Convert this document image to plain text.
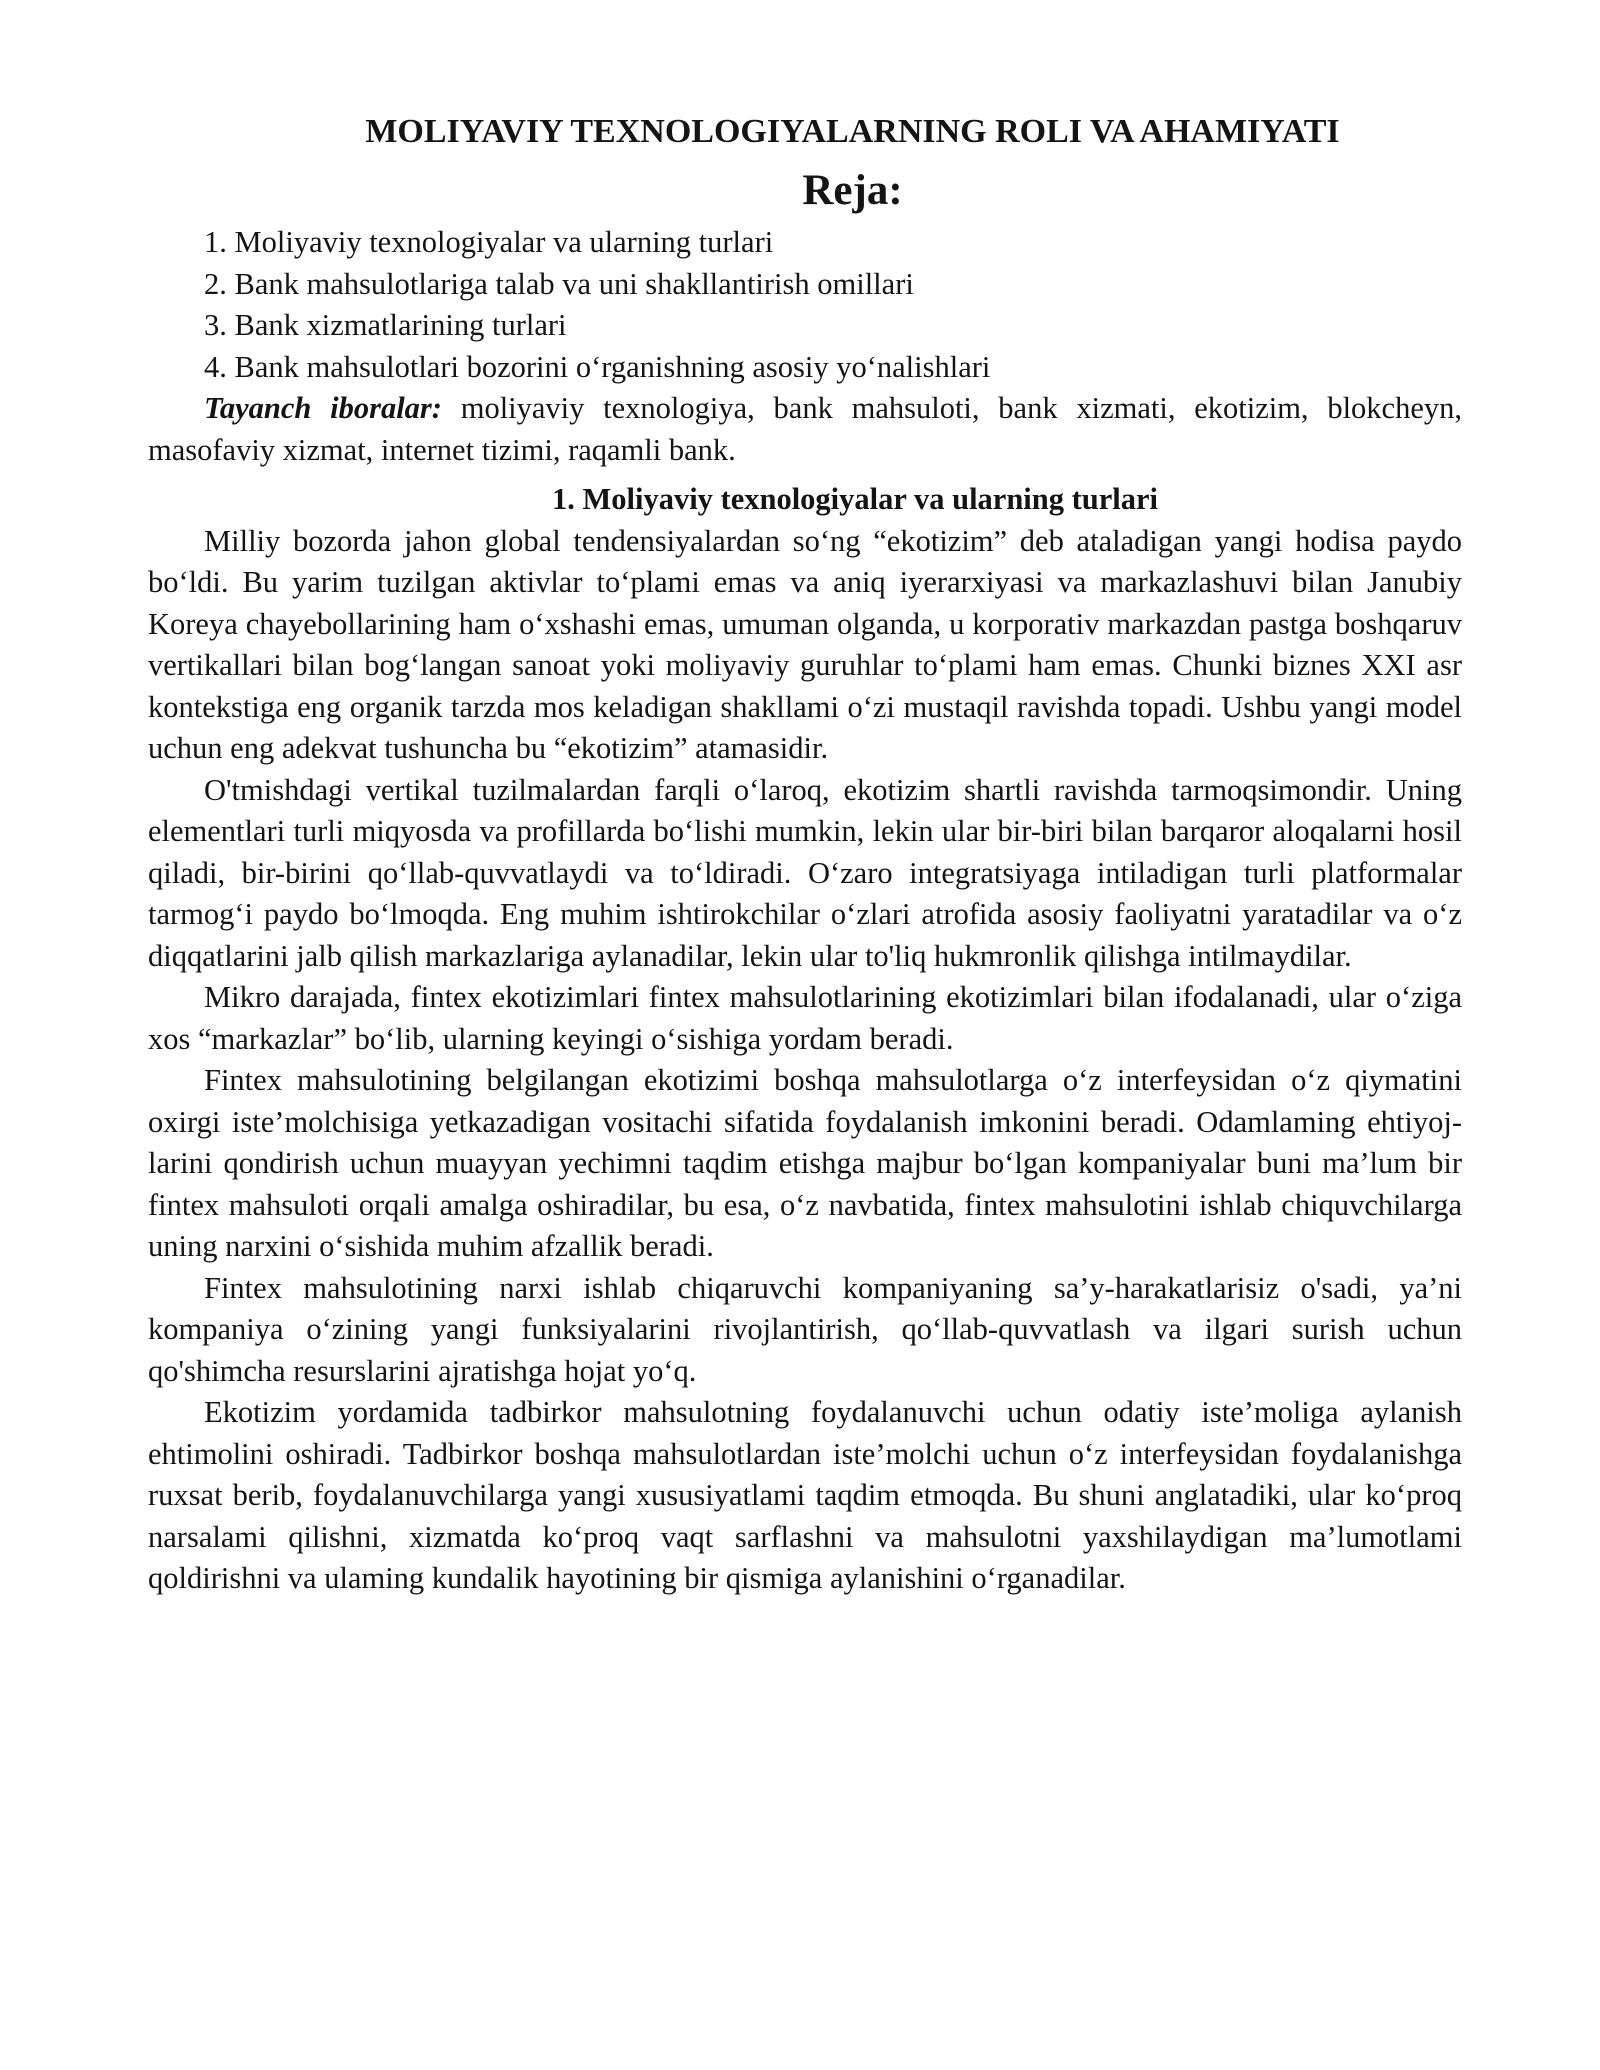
MOLIYAVIY TEXNOLOGIYALARNING ROLI VA AHAMIYATI
Reja:
1. Moliyaviy texnologiyalar va ularning turlari
2. Bank mahsulotlariga talab va uni shakllantirish omillari
3. Bank xizmatlarining turlari
4. Bank mahsulotlari bozorini o‘rganishning asosiy yo‘nalishlari

Tayanch iboralar: moliyaviy texnologiya, bank mahsuloti, bank xizmati, ekotizim, blokcheyn, masofaviy xizmat, internet tizimi, raqamli bank.

1. Moliyaviy texnologiyalar va ularning turlari

Milliy bozorda jahon global tendensiyalardan so‘ng “ekotizim” deb ataladigan yangi hodisa paydo bo‘ldi. Bu yarim tuzilgan aktivlar to‘plami emas va aniq iyerarxiyasi va markazlashuvi bilan Janubiy Koreya chayebollarining ham o‘xshashi emas, umuman olganda, u korporativ markazdan pastga boshqaruv vertikallari bilan bog‘langan sanoat yoki moliyaviy guruhlar to‘plami ham emas. Chunki biznes XXI asr kontekstiga eng organik tarzda mos keladigan shakllami o‘zi mustaqil ravishda topadi. Ushbu yangi model uchun eng adekvat tushuncha bu “ekotizim” atamasidir.

O'tmishdagi vertikal tuzilmalardan farqli o‘laroq, ekotizim shartli ravishda tarmoqsimondir. Uning elementlari turli miqyosda va profillarda bo‘lishi mumkin, lekin ular bir-biri bilan barqaror aloqalarni hosil qiladi, bir-birini qo‘llab-quvvatlaydi va to‘ldiradi. O‘zaro integratsiyaga intiladigan turli platformalar tarmog‘i paydo bo‘lmoqda. Eng muhim ishtirokchilar o‘zlari atrofida asosiy faoliyatni yaratadilar va o‘z diqqatlarini jalb qilish markazlariga aylanadilar, lekin ular to'liq hukmronlik qilishga intilmaydilar.

Mikro darajada, fintex ekotizimlari fintex mahsulotlarining ekotizimlari bilan ifodalanadi, ular o‘ziga xos “markazlar” bo‘lib, ularning keyingi o‘sishiga yordam beradi.

Fintex mahsulotining belgilangan ekotizimi boshqa mahsulotlarga o‘z interfeysidan o‘z qiymatini oxirgi iste’molchisiga yetkazadigan vositachi sifatida foydalanish imkonini beradi. Odamlaming ehtiyoj- larini qondirish uchun muayyan yechimni taqdim etishga majbur bo‘lgan kompaniyalar buni ma’lum bir fintex mahsuloti orqali amalga oshiradilar, bu esa, o‘z navbatida, fintex mahsulotini ishlab chiquvchilarga uning narxini o‘sishida muhim afzallik beradi.

Fintex mahsulotining narxi ishlab chiqaruvchi kompaniyaning sa’y-harakatlarisiz o'sadi, ya’ni kompaniya o‘zining yangi funksiyalarini rivojlantirish, qo‘llab-quvvatlash va ilgari surish uchun qo'shimcha resurslarini ajratishga hojat yo‘q.

Ekotizim yordamida tadbirkor mahsulotning foydalanuvchi uchun odatiy iste’moliga aylanish ehtimolini oshiradi. Tadbirkor boshqa mahsulotlardan iste’molchi uchun o‘z interfeysidan foydalanishga ruxsat berib, foydalanuvchilarga yangi xususiyatlami taqdim etmoqda. Bu shuni anglatadiki, ular ko‘proq narsalami qilishni, xizmatda ko‘proq vaqt sarflashni va mahsulotni yaxshilaydigan ma’lumotlami qoldirishni va ulaming kundalik hayotining bir qismiga aylanishini o‘rganadilar.
